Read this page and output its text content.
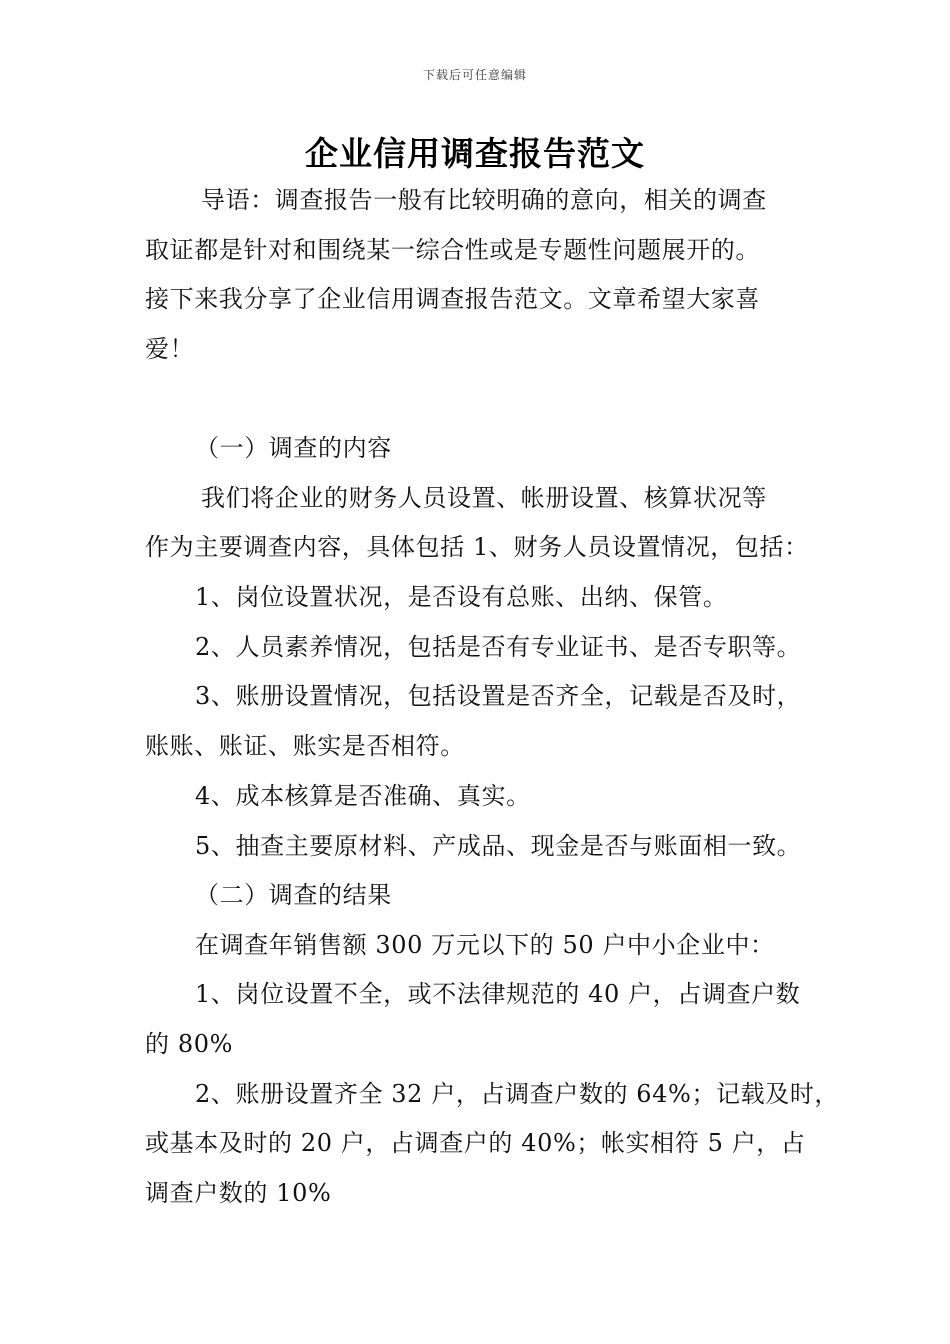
下载后可任意编辑
企业信用调查报告范文
导语：调查报告一般有比较明确的意向，相关的调查
取证都是针对和围绕某一综合性或是专题性问题展开的。
接下来我分享了企业信用调查报告范文。文章希望大家喜
爱！
（一）调查的内容
我们将企业的财务人员设置、帐册设置、核算状况等
作为主要调查内容，具体包括 1、财务人员设置情况，包括：
1、岗位设置状况，是否设有总账、出纳、保管。
2、人员素养情况，包括是否有专业证书、是否专职等。
3、账册设置情况，包括设置是否齐全，记载是否及时，
账账、账证、账实是否相符。
4、成本核算是否准确、真实。
5、抽查主要原材料、产成品、现金是否与账面相一致。
（二）调查的结果
在调查年销售额 300 万元以下的 50 户中小企业中：
1、岗位设置不全，或不法律规范的 40 户，占调查户数
的 80%
2、账册设置齐全 32 户，占调查户数的 64%；记载及时，
或基本及时的 20 户，占调查户的 40%；帐实相符 5 户，占
调查户数的 10%
